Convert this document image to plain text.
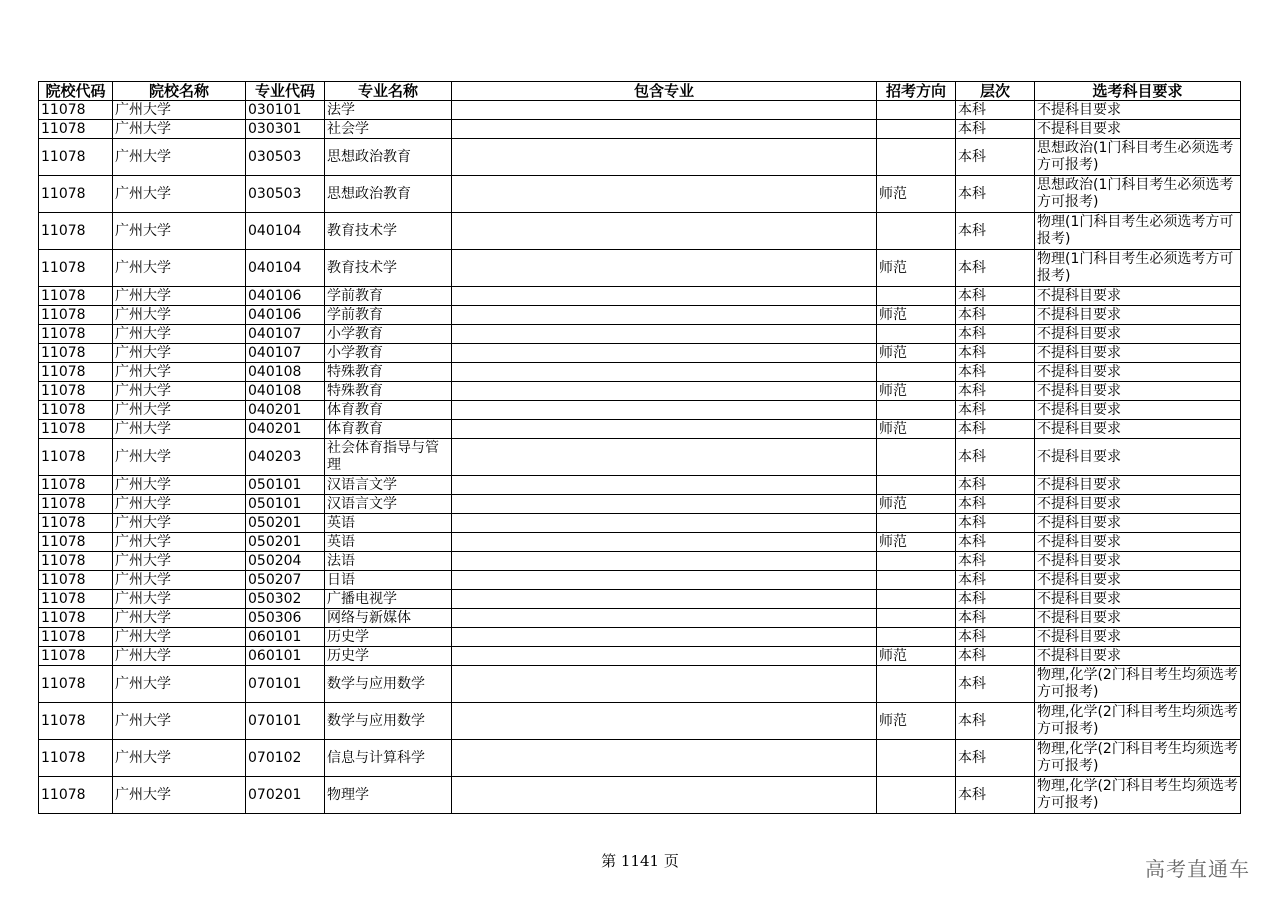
院校代码	院校名称	专业代码	专业名称	包含专业	招考方向	层次	选考科目要求
11078	广州大学	030101	法学			本科	不提科目要求
11078	广州大学	030301	社会学			本科	不提科目要求
11078	广州大学	030503	思想政治教育			本科	思想政治(1门科目考生必须选考方可报考)
11078	广州大学	030503	思想政治教育		师范	本科	思想政治(1门科目考生必须选考方可报考)
11078	广州大学	040104	教育技术学			本科	物理(1门科目考生必须选考方可报考)
11078	广州大学	040104	教育技术学		师范	本科	物理(1门科目考生必须选考方可报考)
11078	广州大学	040106	学前教育			本科	不提科目要求
11078	广州大学	040106	学前教育		师范	本科	不提科目要求
11078	广州大学	040107	小学教育			本科	不提科目要求
11078	广州大学	040107	小学教育		师范	本科	不提科目要求
11078	广州大学	040108	特殊教育			本科	不提科目要求
11078	广州大学	040108	特殊教育		师范	本科	不提科目要求
11078	广州大学	040201	体育教育			本科	不提科目要求
11078	广州大学	040201	体育教育		师范	本科	不提科目要求
11078	广州大学	040203	社会体育指导与管理			本科	不提科目要求
11078	广州大学	050101	汉语言文学			本科	不提科目要求
11078	广州大学	050101	汉语言文学		师范	本科	不提科目要求
11078	广州大学	050201	英语			本科	不提科目要求
11078	广州大学	050201	英语		师范	本科	不提科目要求
11078	广州大学	050204	法语			本科	不提科目要求
11078	广州大学	050207	日语			本科	不提科目要求
11078	广州大学	050302	广播电视学			本科	不提科目要求
11078	广州大学	050306	网络与新媒体			本科	不提科目要求
11078	广州大学	060101	历史学			本科	不提科目要求
11078	广州大学	060101	历史学		师范	本科	不提科目要求
11078	广州大学	070101	数学与应用数学			本科	物理,化学(2门科目考生均须选考方可报考)
11078	广州大学	070101	数学与应用数学		师范	本科	物理,化学(2门科目考生均须选考方可报考)
11078	广州大学	070102	信息与计算科学			本科	物理,化学(2门科目考生均须选考方可报考)
11078	广州大学	070201	物理学			本科	物理,化学(2门科目考生均须选考方可报考)
第 1141 页	高考直通车
